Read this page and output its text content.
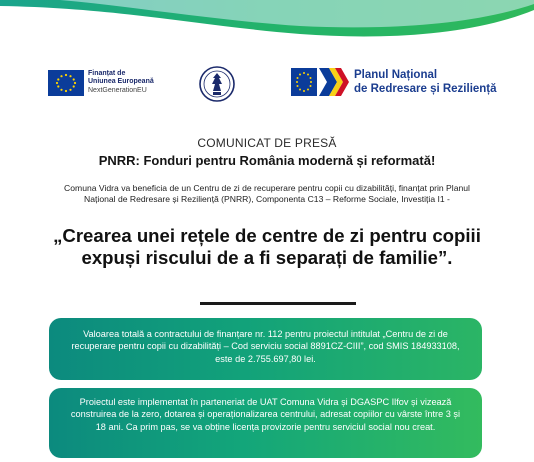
Finanțat de
Uniunea Europeană
NextGenerationEU
Planul Național
de Redresare și Reziliență
COMUNICAT DE PRESĂ
PNRR: Fonduri pentru România modernă și reformată!
Comuna Vidra va beneficia de un Centru de zi de recuperare pentru copii cu dizabilități, finanțat prin Planul Național de Redresare și Reziliență (PNRR), Componenta C13 – Reforme Sociale, Investiția I1 -
„Crearea unei rețele de centre de zi pentru copiii expuși riscului de a fi separați de familie”.
Valoarea totală a contractului de finanțare nr. 112 pentru proiectul intitulat „Centru de zi de recuperare pentru copii cu dizabilități – Cod serviciu social 8891CZ-CIII”, cod SMIS 184933108, este de 2.755.697,80 lei.
Proiectul este implementat în parteneriat de UAT Comuna Vidra și DGASPC Ilfov și vizează construirea de la zero, dotarea și operaționalizarea centrului, adresat copiilor cu vârste între 3 și 18 ani. Ca prim pas, se va obține licența provizorie pentru serviciul social nou creat.
